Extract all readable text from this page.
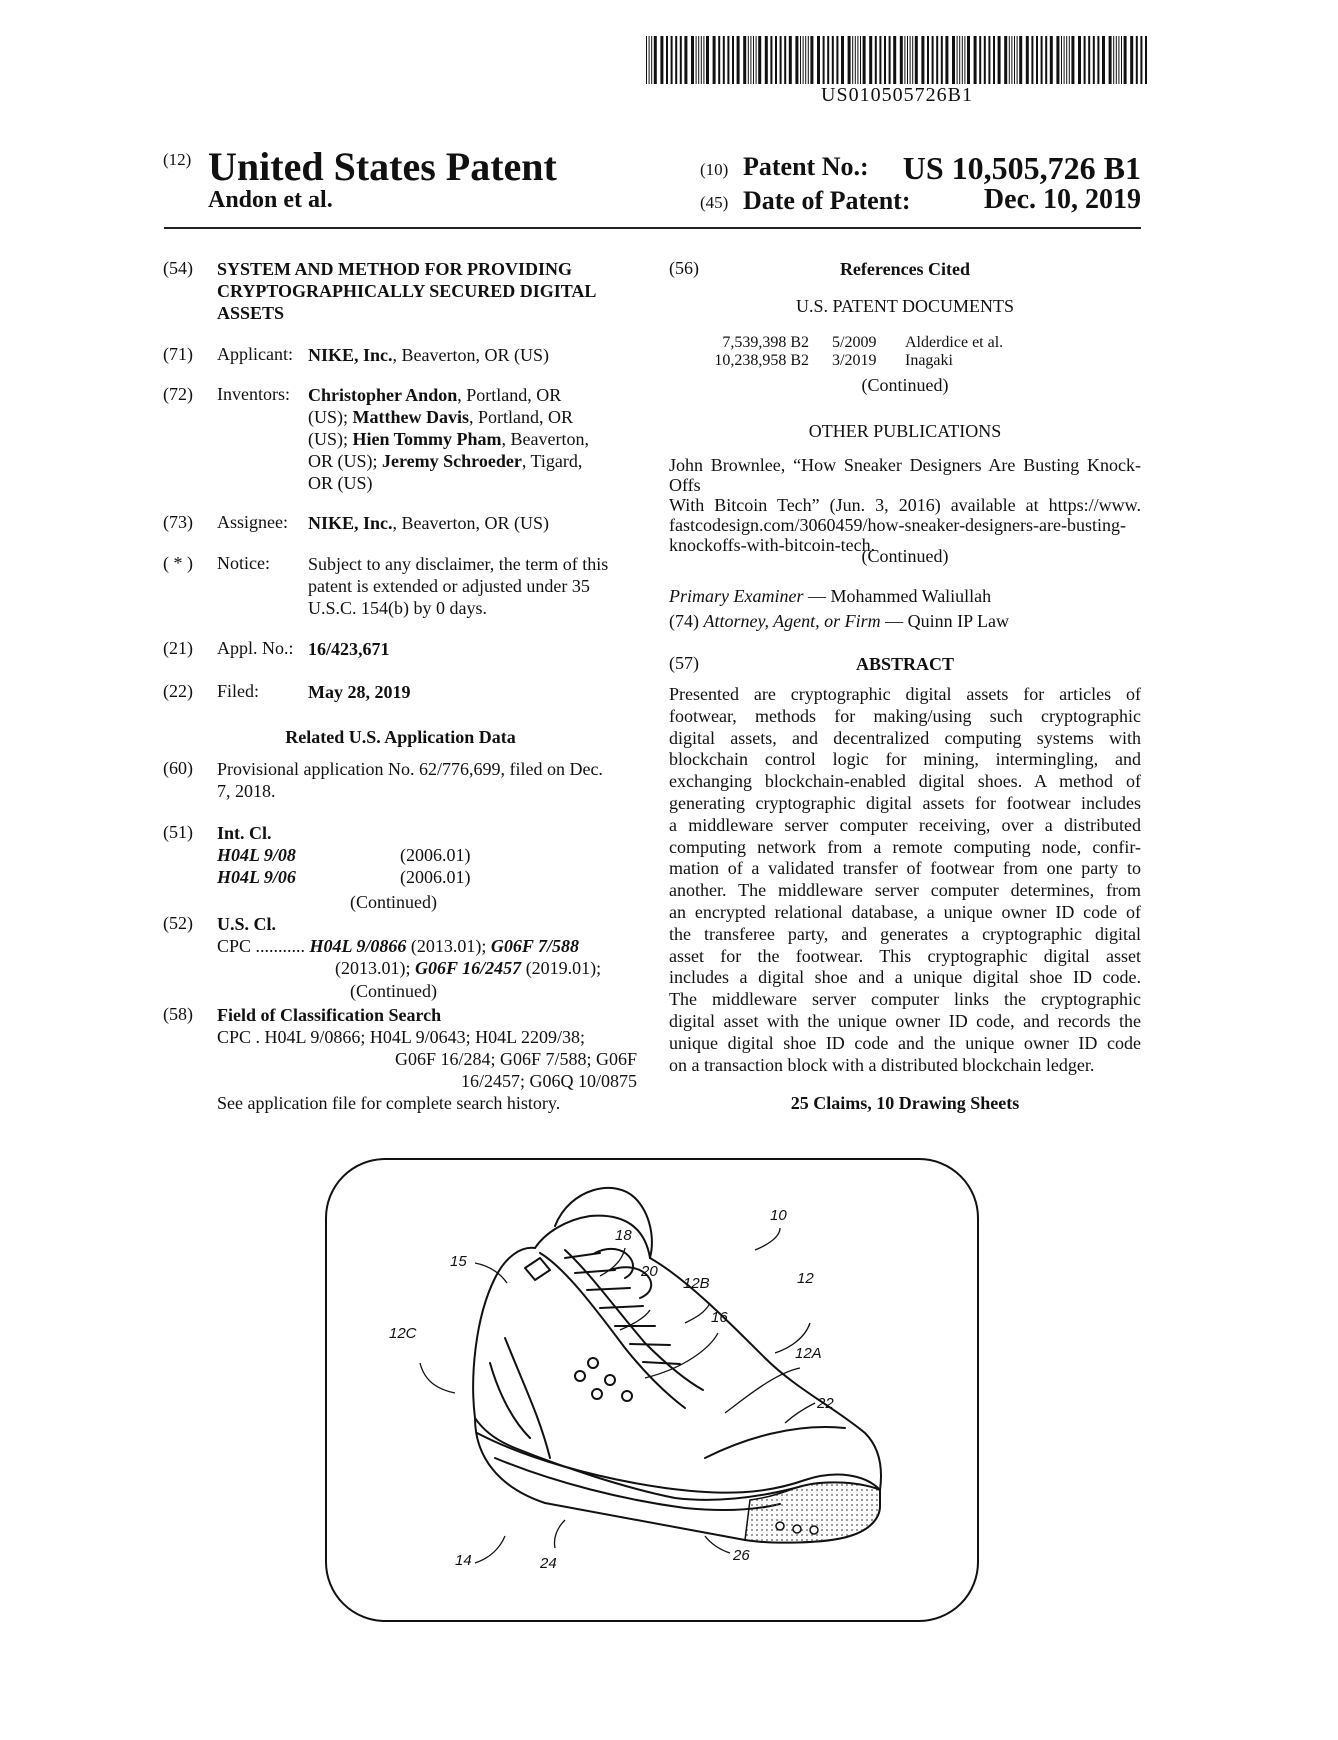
US010505726B1
(12) United States Patent
Andon et al.
(10) Patent No.: US 10,505,726 B1
(45) Date of Patent:	Dec. 10, 2019
(54) SYSTEM AND METHOD FOR PROVIDING
CRYPTOGRAPHICALLY SECURED DIGITAL
ASSETS
(71) Applicant: NIKE, Inc., Beaverton, OR (US)
(72) Inventors: Christopher Andon, Portland, OR
(US); Matthew Davis, Portland, OR
(US); Hien Tommy Pham, Beaverton,
OR (US); Jeremy Schroeder, Tigard,
OR (US)
(73) Assignee: NIKE, Inc., Beaverton, OR (US)
( * ) Notice: Subject to any disclaimer, the term of this
patent is extended or adjusted under 35
U.S.C. 154(b) by 0 days.
(21) Appl. No.: 16/423,671
(22) Filed:	May 28, 2019
Related U.S. Application Data
(60) Provisional application No. 62/776,699, filed on Dec.
7, 2018.
(51) Int. Cl.
H04L 9/08	(2006.01)
H04L 9/06	(2006.01)
(Continued)
(52) U.S. Cl.
CPC ........... H04L 9/0866 (2013.01); G06F 7/588
(2013.01); G06F 16/2457 (2019.01);
(Continued)
(58) Field of Classification Search
CPC . H04L 9/0866; H04L 9/0643; H04L 2209/38;
G06F 16/284; G06F 7/588; G06F
16/2457; G06Q 10/0875
See application file for complete search history.
(56)	References Cited
U.S. PATENT DOCUMENTS
7,539,398 B2 5/2009 Alderdice et al.
10,238,958 B2 3/2019 Inagaki
(Continued)
OTHER PUBLICATIONS
John Brownlee, “How Sneaker Designers Are Busting Knock-Offs
With Bitcoin Tech” (Jun. 3, 2016) available at https://www.
fastcodesign.com/3060459/how-sneaker-designers-are-busting-
knockoffs-with-bitcoin-tech.
(Continued)
Primary Examiner — Mohammed Waliullah
(74) Attorney, Agent, or Firm — Quinn IP Law
(57)	ABSTRACT
Presented are cryptographic digital assets for articles of
footwear, methods for making/using such cryptographic
digital assets, and decentralized computing systems with
blockchain control logic for mining, intermingling, and
exchanging blockchain-enabled digital shoes. A method of
generating cryptographic digital assets for footwear includes
a middleware server computer receiving, over a distributed
computing network from a remote computing node, confir-
mation of a validated transfer of footwear from one party to
another. The middleware server computer determines, from
an encrypted relational database, a unique owner ID code of
the transferee party, and generates a cryptographic digital
asset for the footwear. This cryptographic digital asset
includes a digital shoe and a unique digital shoe ID code.
The middleware server computer links the cryptographic
digital asset with the unique owner ID code, and records the
unique digital shoe ID code and the unique owner ID code
on a transaction block with a distributed blockchain ledger.
25 Claims, 10 Drawing Sheets
10
12
12A
12B
12C
14
15
16
18
20
22
24	26
